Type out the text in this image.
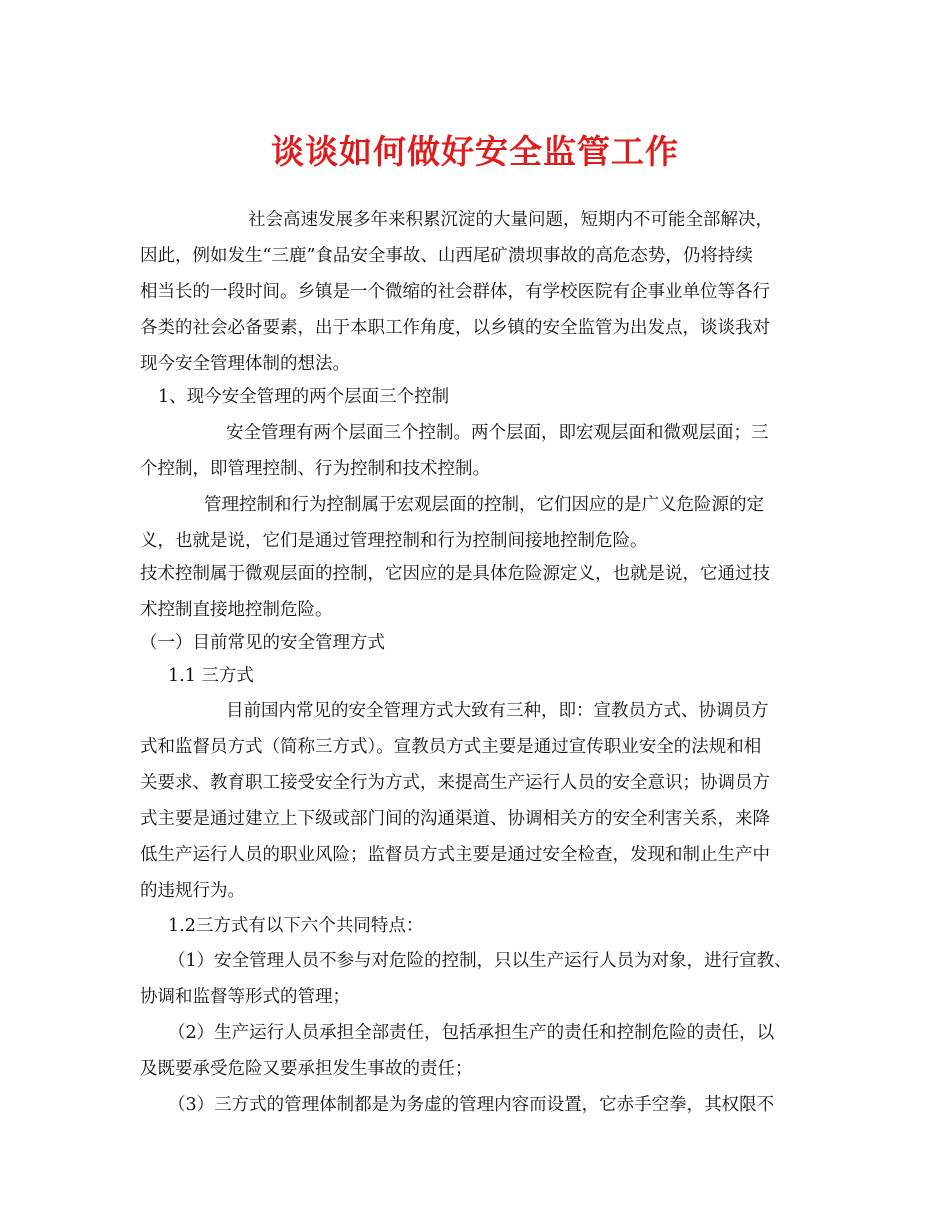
谈谈如何做好安全监管工作
社会高速发展多年来积累沉淀的大量问题，短期内不可能全部解决，
因此，例如发生“三鹿”食品安全事故、山西尾矿溃坝事故的高危态势，仍将持续
相当长的一段时间。乡镇是一个微缩的社会群体，有学校医院有企事业单位等各行
各类的社会必备要素，出于本职工作角度，以乡镇的安全监管为出发点，谈谈我对
现今安全管理体制的想法。
1、现今安全管理的两个层面三个控制
安全管理有两个层面三个控制。两个层面，即宏观层面和微观层面；三
个控制，即管理控制、行为控制和技术控制。
管理控制和行为控制属于宏观层面的控制，它们因应的是广义危险源的定
义，也就是说，它们是通过管理控制和行为控制间接地控制危险。
技术控制属于微观层面的控制，它因应的是具体危险源定义，也就是说，它通过技
术控制直接地控制危险。
（一）目前常见的安全管理方式
1.1 三方式
目前国内常见的安全管理方式大致有三种，即：宣教员方式、协调员方
式和监督员方式（简称三方式）。宣教员方式主要是通过宣传职业安全的法规和相
关要求、教育职工接受安全行为方式，来提高生产运行人员的安全意识；协调员方
式主要是通过建立上下级或部门间的沟通渠道、协调相关方的安全利害关系，来降
低生产运行人员的职业风险；监督员方式主要是通过安全检查，发现和制止生产中
的违规行为。
1.2三方式有以下六个共同特点：
（1）安全管理人员不参与对危险的控制，只以生产运行人员为对象，进行宣教、
协调和监督等形式的管理；
（2）生产运行人员承担全部责任，包括承担生产的责任和控制危险的责任，以
及既要承受危险又要承担发生事故的责任；
（3）三方式的管理体制都是为务虚的管理内容而设置，它赤手空拳，其权限不
